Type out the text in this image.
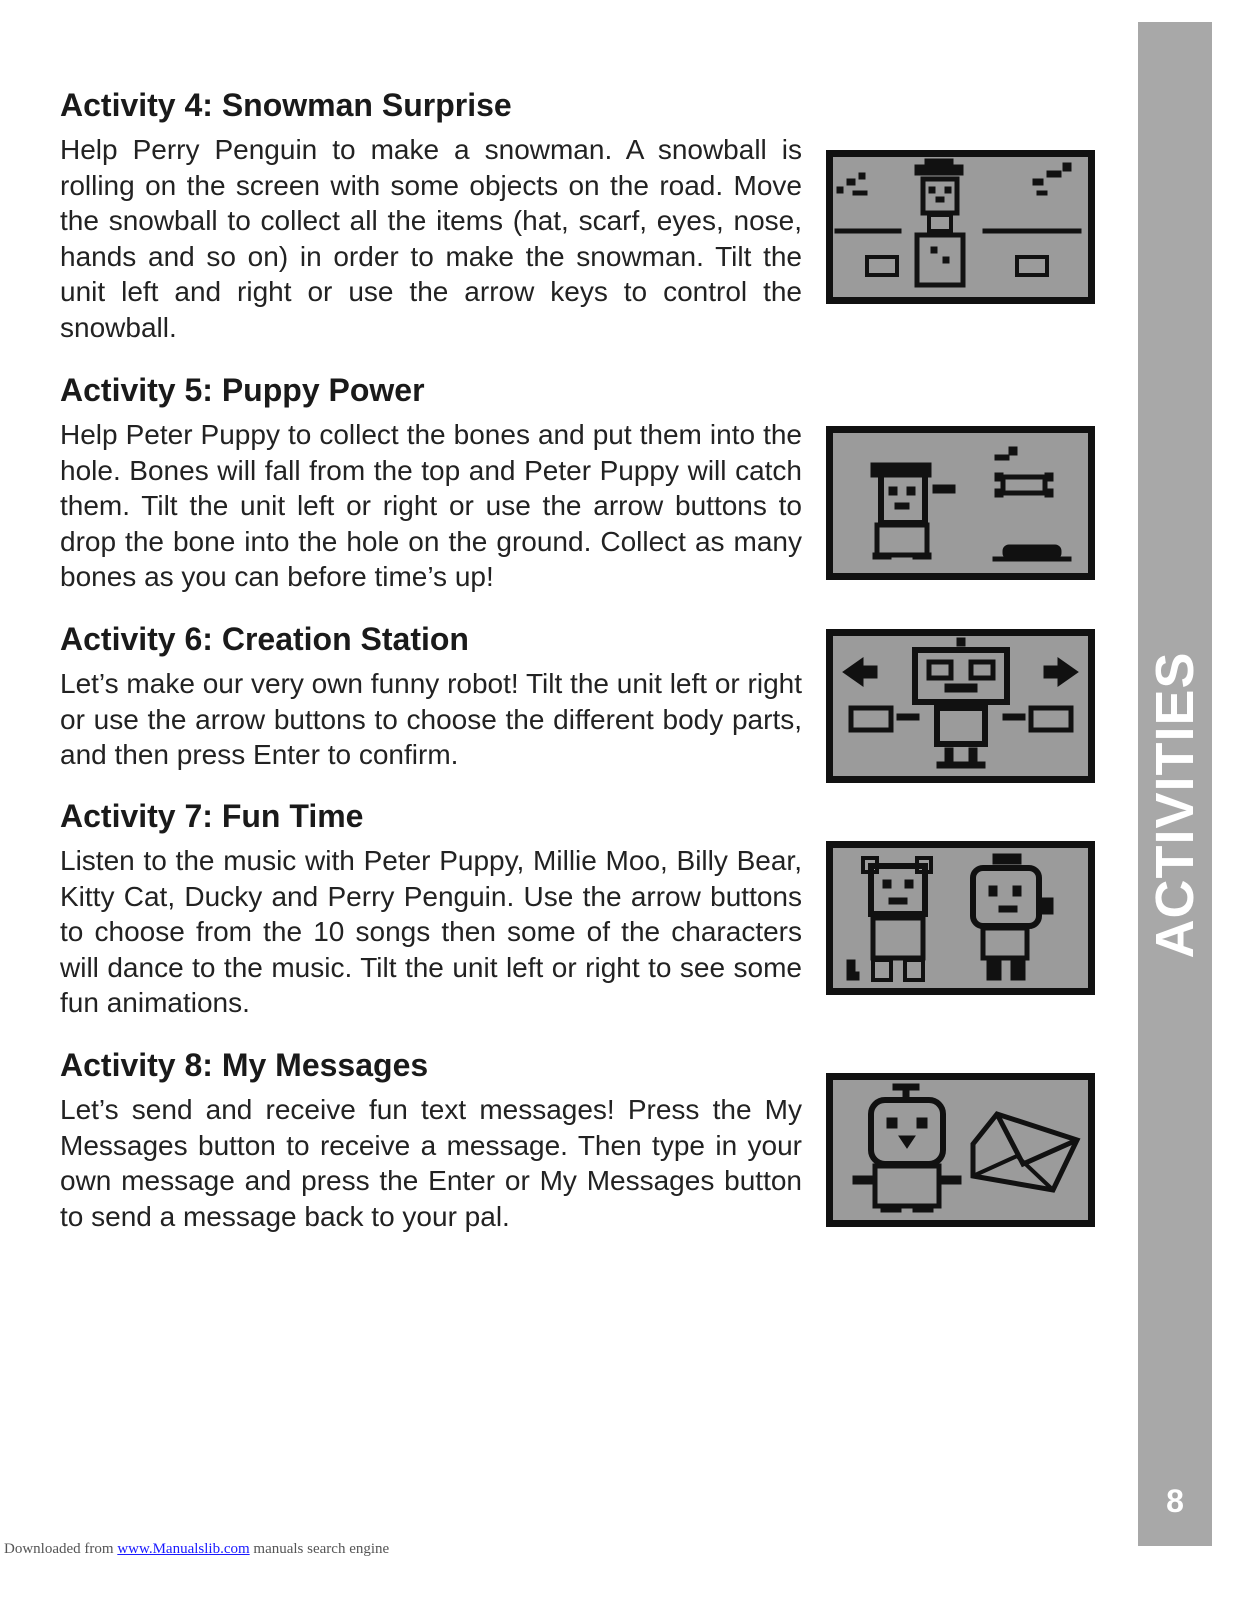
Activity 4: Snowman Surprise

Help Perry Penguin to make a snowman. A snowball is rolling on the screen with some objects on the road. Move the snowball to collect all the items (hat, scarf, eyes, nose, hands and so on) in order to make the snowman. Tilt the unit left and right or use the arrow keys to control the snowball.

Activity 5: Puppy Power

Help Peter Puppy to collect the bones and put them into the hole. Bones will fall from the top and Peter Puppy will catch them. Tilt the unit left or right or use the arrow buttons to drop the bone into the hole on the ground. Collect as many bones as you can before time’s up!

Activity 6: Creation Station

Let’s make our very own funny robot! Tilt the unit left or right or use the arrow buttons to choose the different body parts, and then press Enter to confirm.

Activity 7: Fun Time

Listen to the music with Peter Puppy, Millie Moo, Billy Bear, Kitty Cat, Ducky and Perry Penguin. Use the arrow buttons to choose from the 10 songs then some of the characters will dance to the music. Tilt the unit left or right to see some fun animations.

Activity 8: My Messages

Let’s send and receive fun text messages! Press the My Messages button to receive a message. Then type in your own message and press the Enter or My Messages button to send a message back to your pal.

ACTIVITIES
8
Downloaded from www.Manualslib.com manuals search engine
